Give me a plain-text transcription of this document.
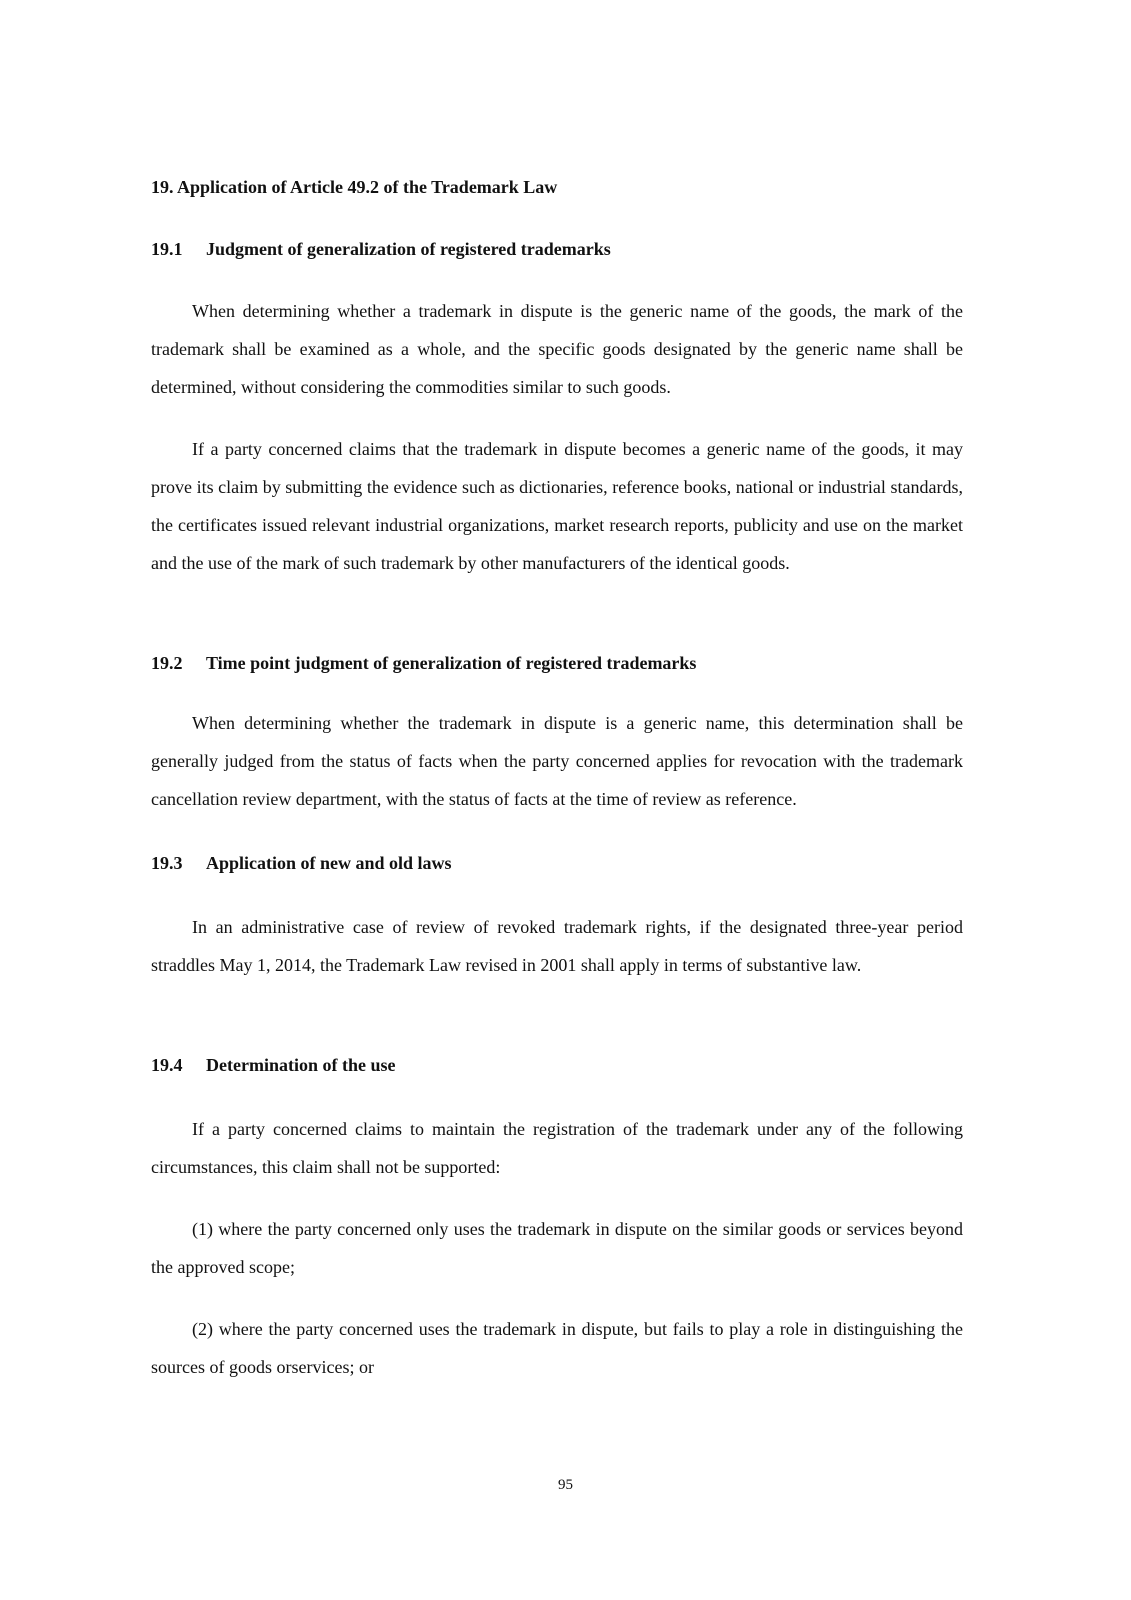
19. Application of Article 49.2 of the Trademark Law
19.1 Judgment of generalization of registered trademarks
When determining whether a trademark in dispute is the generic name of the goods, the mark of the trademark shall be examined as a whole, and the specific goods designated by the generic name shall be determined, without considering the commodities similar to such goods.
If a party concerned claims that the trademark in dispute becomes a generic name of the goods, it may prove its claim by submitting the evidence such as dictionaries, reference books, national or industrial standards, the certificates issued relevant industrial organizations, market research reports, publicity and use on the market and the use of the mark of such trademark by other manufacturers of the identical goods.
19.2 Time point judgment of generalization of registered trademarks
When determining whether the trademark in dispute is a generic name, this determination shall be generally judged from the status of facts when the party concerned applies for revocation with the trademark cancellation review department, with the status of facts at the time of review as reference.
19.3 Application of new and old laws
In an administrative case of review of revoked trademark rights, if the designated three-year period straddles May 1, 2014, the Trademark Law revised in 2001 shall apply in terms of substantive law.
19.4 Determination of the use
If a party concerned claims to maintain the registration of the trademark under any of the following circumstances, this claim shall not be supported:
(1) where the party concerned only uses the trademark in dispute on the similar goods or services beyond the approved scope;
(2) where the party concerned uses the trademark in dispute, but fails to play a role in distinguishing the sources of goods orservices; or
95
